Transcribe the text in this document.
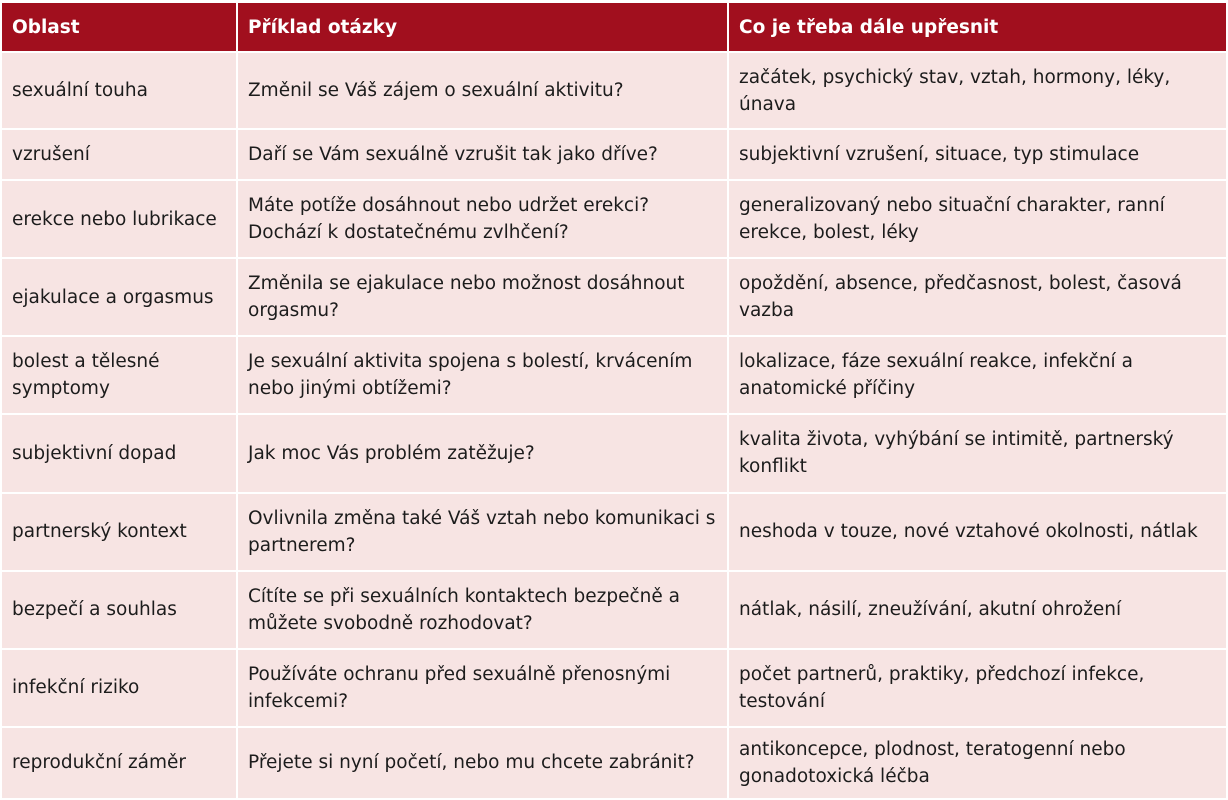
Oblast	Příklad otázky	Co je třeba dále upřesnit
sexuální touha	Změnil se Váš zájem o sexuální aktivitu?	začátek, psychický stav, vztah, hormony, léky, únava
vzrušení	Daří se Vám sexuálně vzrušit tak jako dříve?	subjektivní vzrušení, situace, typ stimulace
erekce nebo lubrikace	Máte potíže dosáhnout nebo udržet erekci? Dochází k dostatečnému zvlhčení?	generalizovaný nebo situační charakter, ranní erekce, bolest, léky
ejakulace a orgasmus	Změnila se ejakulace nebo možnost dosáhnout orgasmu?	opoždění, absence, předčasnost, bolest, časová vazba
bolest a tělesné symptomy	Je sexuální aktivita spojena s bolestí, krvácením nebo jinými obtížemi?	lokalizace, fáze sexuální reakce, infekční a anatomické příčiny
subjektivní dopad	Jak moc Vás problém zatěžuje?	kvalita života, vyhýbání se intimitě, partnerský konflikt
partnerský kontext	Ovlivnila změna také Váš vztah nebo komunikaci s partnerem?	neshoda v touze, nové vztahové okolnosti, nátlak
bezpečí a souhlas	Cítíte se při sexuálních kontaktech bezpečně a můžete svobodně rozhodovat?	nátlak, násilí, zneužívání, akutní ohrožení
infekční riziko	Používáte ochranu před sexuálně přenosnými infekcemi?	počet partnerů, praktiky, předchozí infekce, testování
reprodukční záměr	Přejete si nyní početí, nebo mu chcete zabránit?	antikoncepce, plodnost, teratogenní nebo gonadotoxická léčba
